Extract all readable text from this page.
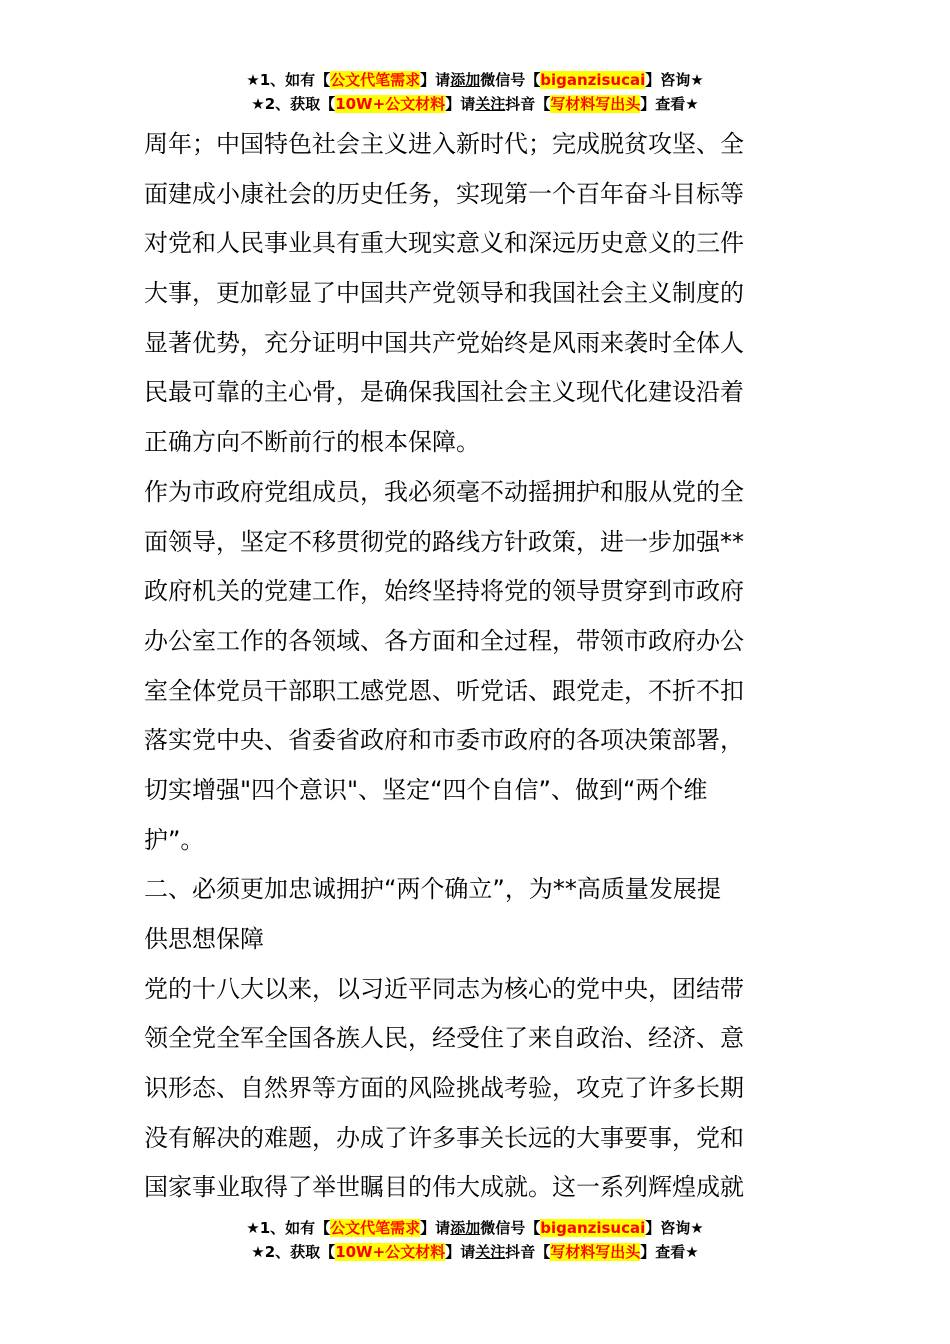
★1、如有【公文代笔需求】请添加微信号【biganzisucai】咨询★
★2、获取【10W+公文材料】请关注抖音【写材料写出头】查看★

周年；中国特色社会主义进入新时代；完成脱贫攻坚、全
面建成小康社会的历史任务，实现第一个百年奋斗目标等
对党和人民事业具有重大现实意义和深远历史意义的三件
大事，更加彰显了中国共产党领导和我国社会主义制度的
显著优势，充分证明中国共产党始终是风雨来袭时全体人
民最可靠的主心骨，是确保我国社会主义现代化建设沿着
正确方向不断前行的根本保障。

作为市政府党组成员，我必须毫不动摇拥护和服从党的全
面领导，坚定不移贯彻党的路线方针政策，进一步加强**
政府机关的党建工作，始终坚持将党的领导贯穿到市政府
办公室工作的各领域、各方面和全过程，带领市政府办公
室全体党员干部职工感党恩、听党话、跟党走，不折不扣
落实党中央、省委省政府和市委市政府的各项决策部署，
切实增强"四个意识"、坚定“四个自信”、做到“两个维
护”。

二、必须更加忠诚拥护“两个确立”，为**高质量发展提
供思想保障

党的十八大以来，以习近平同志为核心的党中央，团结带
领全党全军全国各族人民，经受住了来自政治、经济、意
识形态、自然界等方面的风险挑战考验，攻克了许多长期
没有解决的难题，办成了许多事关长远的大事要事，党和
国家事业取得了举世瞩目的伟大成就。这一系列辉煌成就

★1、如有【公文代笔需求】请添加微信号【biganzisucai】咨询★
★2、获取【10W+公文材料】请关注抖音【写材料写出头】查看★
